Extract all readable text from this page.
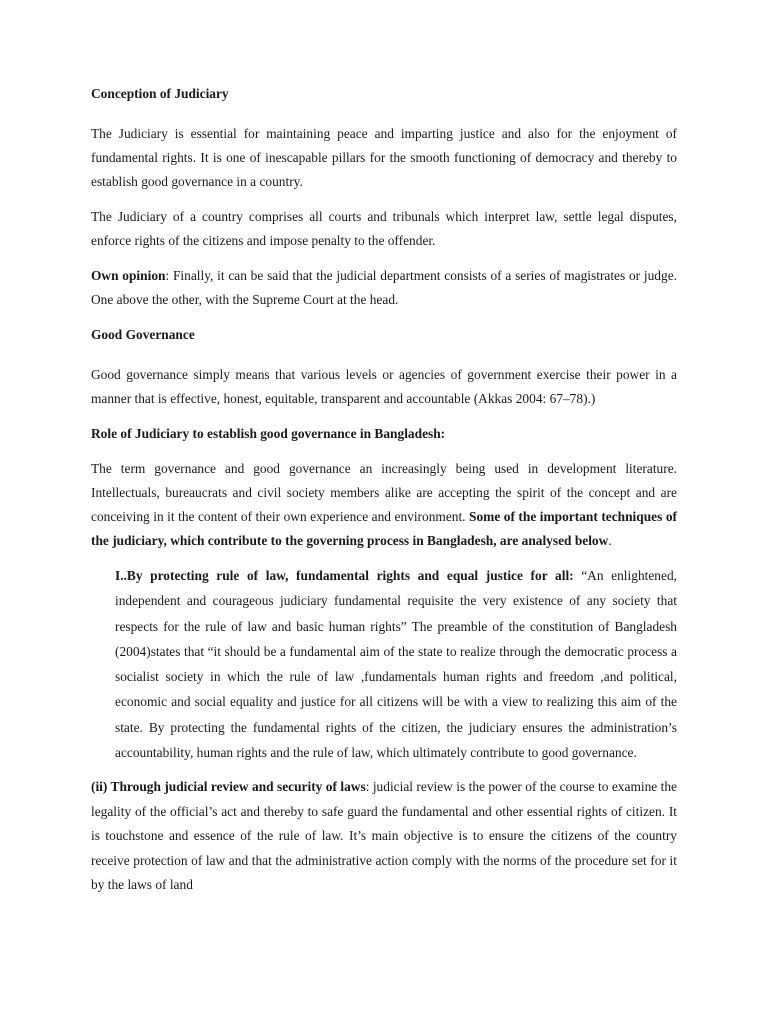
Conception of Judiciary

The Judiciary is essential for maintaining peace and imparting justice and also for the enjoyment of fundamental rights. It is one of inescapable pillars for the smooth functioning of democracy and thereby to establish good governance in a country.

The Judiciary of a country comprises all courts and tribunals which interpret law, settle legal disputes, enforce rights of the citizens and impose penalty to the offender.

Own opinion: Finally, it can be said that the judicial department consists of a series of magistrates or judge. One above the other, with the Supreme Court at the head.

Good Governance

Good governance simply means that various levels or agencies of government exercise their power in a manner that is effective, honest, equitable, transparent and accountable (Akkas 2004: 67–78).)

Role of Judiciary to establish good governance in Bangladesh:

The term governance and good governance an increasingly being used in development literature. Intellectuals, bureaucrats and civil society members alike are accepting the spirit of the concept and are conceiving in it the content of their own experience and environment. Some of the important techniques of the judiciary, which contribute to the governing process in Bangladesh, are analysed below.

I..By protecting rule of law, fundamental rights and equal justice for all: “An enlightened, independent and courageous judiciary fundamental requisite the very existence of any society that respects for the rule of law and basic human rights” The preamble of the constitution of Bangladesh (2004)states that “it should be a fundamental aim of the state to realize through the democratic process a socialist society in which the rule of law ,fundamentals human rights and freedom ,and political, economic and social equality and justice for all citizens will be with a view to realizing this aim of the state. By protecting the fundamental rights of the citizen, the judiciary ensures the administration’s accountability, human rights and the rule of law, which ultimately contribute to good governance.

(ii) Through judicial review and security of laws: judicial review is the power of the course to examine the legality of the official’s act and thereby to safe guard the fundamental and other essential rights of citizen. It is touchstone and essence of the rule of law. It’s main objective is to ensure the citizens of the country receive protection of law and that the administrative action comply with the norms of the procedure set for it by the laws of land
